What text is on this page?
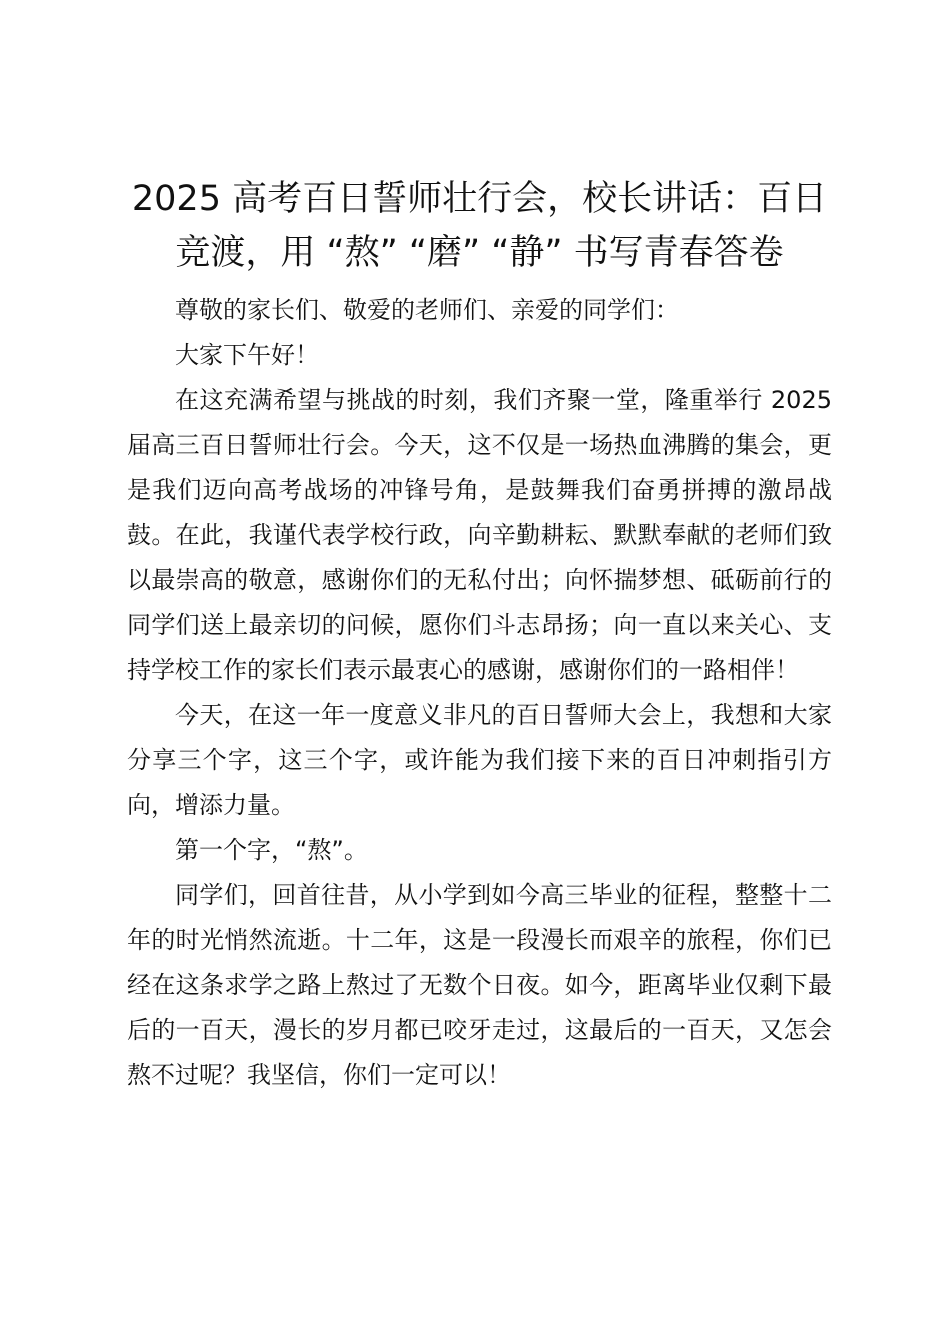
2025 高考百日誓师壮行会，校长讲话：百日竞渡，用 “熬” “磨” “静” 书写青春答卷

尊敬的家长们、敬爱的老师们、亲爱的同学们：

大家下午好！

在这充满希望与挑战的时刻，我们齐聚一堂，隆重举行 2025 届高三百日誓师壮行会。今天，这不仅是一场热血沸腾的集会，更是我们迈向高考战场的冲锋号角，是鼓舞我们奋勇拼搏的激昂战鼓。在此，我谨代表学校行政，向辛勤耕耘、默默奉献的老师们致以最崇高的敬意，感谢你们的无私付出；向怀揣梦想、砥砺前行的同学们送上最亲切的问候，愿你们斗志昂扬；向一直以来关心、支持学校工作的家长们表示最衷心的感谢，感谢你们的一路相伴！

今天，在这一年一度意义非凡的百日誓师大会上，我想和大家分享三个字，这三个字，或许能为我们接下来的百日冲刺指引方向，增添力量。

第一个字，“熬”。

同学们，回首往昔，从小学到如今高三毕业的征程，整整十二年的时光悄然流逝。十二年，这是一段漫长而艰辛的旅程，你们已经在这条求学之路上熬过了无数个日夜。如今，距离毕业仅剩下最后的一百天，漫长的岁月都已咬牙走过，这最后的一百天，又怎会熬不过呢？我坚信，你们一定可以！
